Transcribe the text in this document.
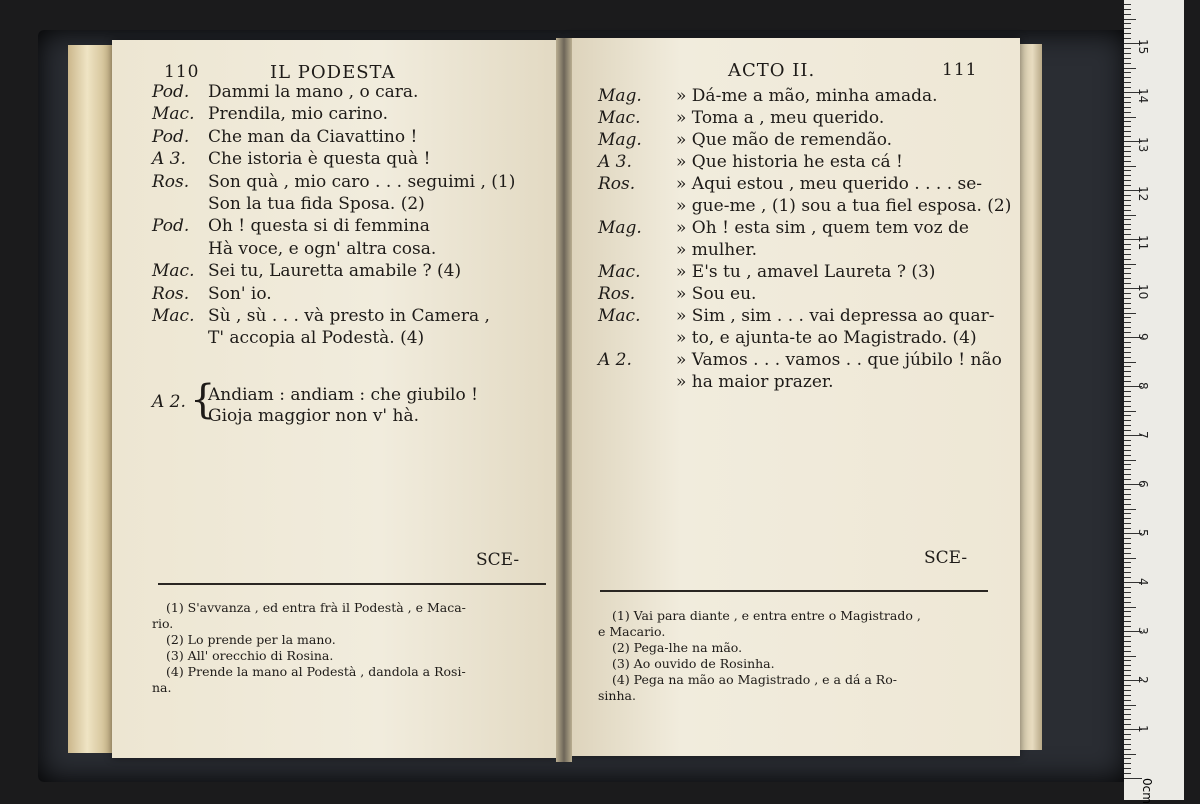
110	IL PODESTA
Pod. Dammi la mano , o cara.
Mac. Prendila, mio carino.
Pod. Che man da Ciavattino !
A 3. Che istoria è questa quà !
Ros. Son quà , mio caro . . . seguimi , (1)
Son la tua fida Sposa. (2)
Pod. Oh ! questa si di femmina
Hà voce, e ogn' altra cosa.
Mac. Sei tu, Lauretta amabile ? (4)
Ros. Son' io.
Mac. Sù , sù . . . và presto in Camera ,
T' accopia al Podestà. (4)
A 2. {
Andiam : andiam : che giubilo !
Gioja maggior non v' hà.
SCE-
(1) S'avvanza , ed entra frà il Podestà , e Maca-
rio.
(2) Lo prende per la mano.
(3) All' orecchio di Rosina.
(4) Prende la mano al Podestà , dandola a Rosi-
na.
ACTO II.	111
Mag. » Dá-me a mão, minha amada.
Mac. » Toma a , meu querido.
Mag. » Que mão de remendão.
A 3.	» Que historia he esta cá !
Ros. » Aqui estou , meu querido . . . . se-
» gue-me , (1) sou a tua fiel esposa. (2)
Mag. » Oh ! esta sim , quem tem voz de
» mulher.
Mac. » E's tu , amavel Laureta ? (3)
Ros. » Sou eu.
Mac. » Sim , sim . . . vai depressa ao quar-
» to, e ajunta-te ao Magistrado. (4)
A 2.	» Vamos . . . vamos . . que júbilo ! não
» ha maior prazer.
SCE-
(1) Vai para diante , e entra entre o Magistrado ,
e Macario.
(2) Pega-lhe na mão.
(3) Ao ouvido de Rosinha.
(4) Pega na mão ao Magistrado , e a dá a Ro-
sinha.
1
2
3
4
5
6
7
8
9
10
11
12
13
14
15
0cm
